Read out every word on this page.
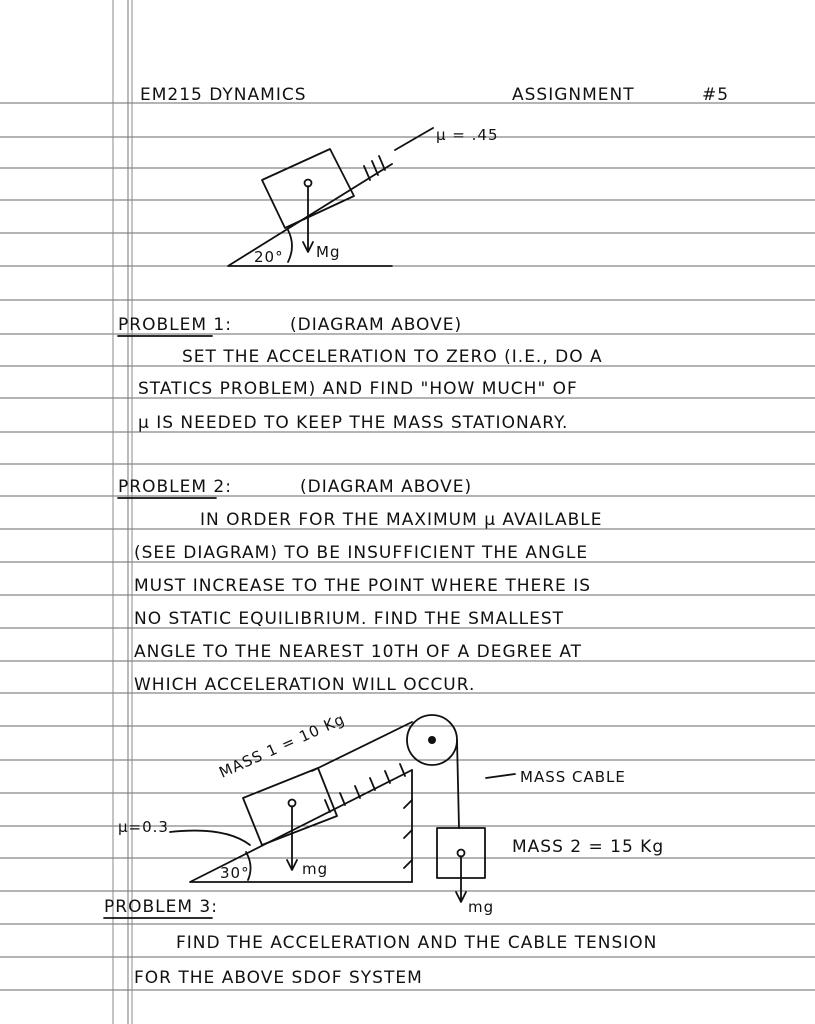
EM215 DYNAMICS	ASSIGNMENT	#5
μ = .45
20° Mg
PROBLEM 1:	(DIAGRAM ABOVE)
SET THE ACCELERATION TO ZERO (I.E., DO A
STATICS PROBLEM) AND FIND "HOW MUCH" OF
μ IS NEEDED TO KEEP THE MASS STATIONARY.
PROBLEM 2:	(DIAGRAM ABOVE)
IN ORDER FOR THE MAXIMUM μ AVAILABLE
(SEE DIAGRAM) TO BE INSUFFICIENT THE ANGLE
MUST INCREASE TO THE POINT WHERE THERE IS
NO STATIC EQUILIBRIUM. FIND THE SMALLEST
ANGLE TO THE NEAREST 10TH OF A DEGREE AT
WHICH ACCELERATION WILL OCCUR.
MASS 1 = 10 Kg
μ=0.3
30°	mg
MASS CABLE
MASS 2 = 15 Kg
mg
PROBLEM 3:
FIND THE ACCELERATION AND THE CABLE TENSION
FOR THE ABOVE SDOF SYSTEM
